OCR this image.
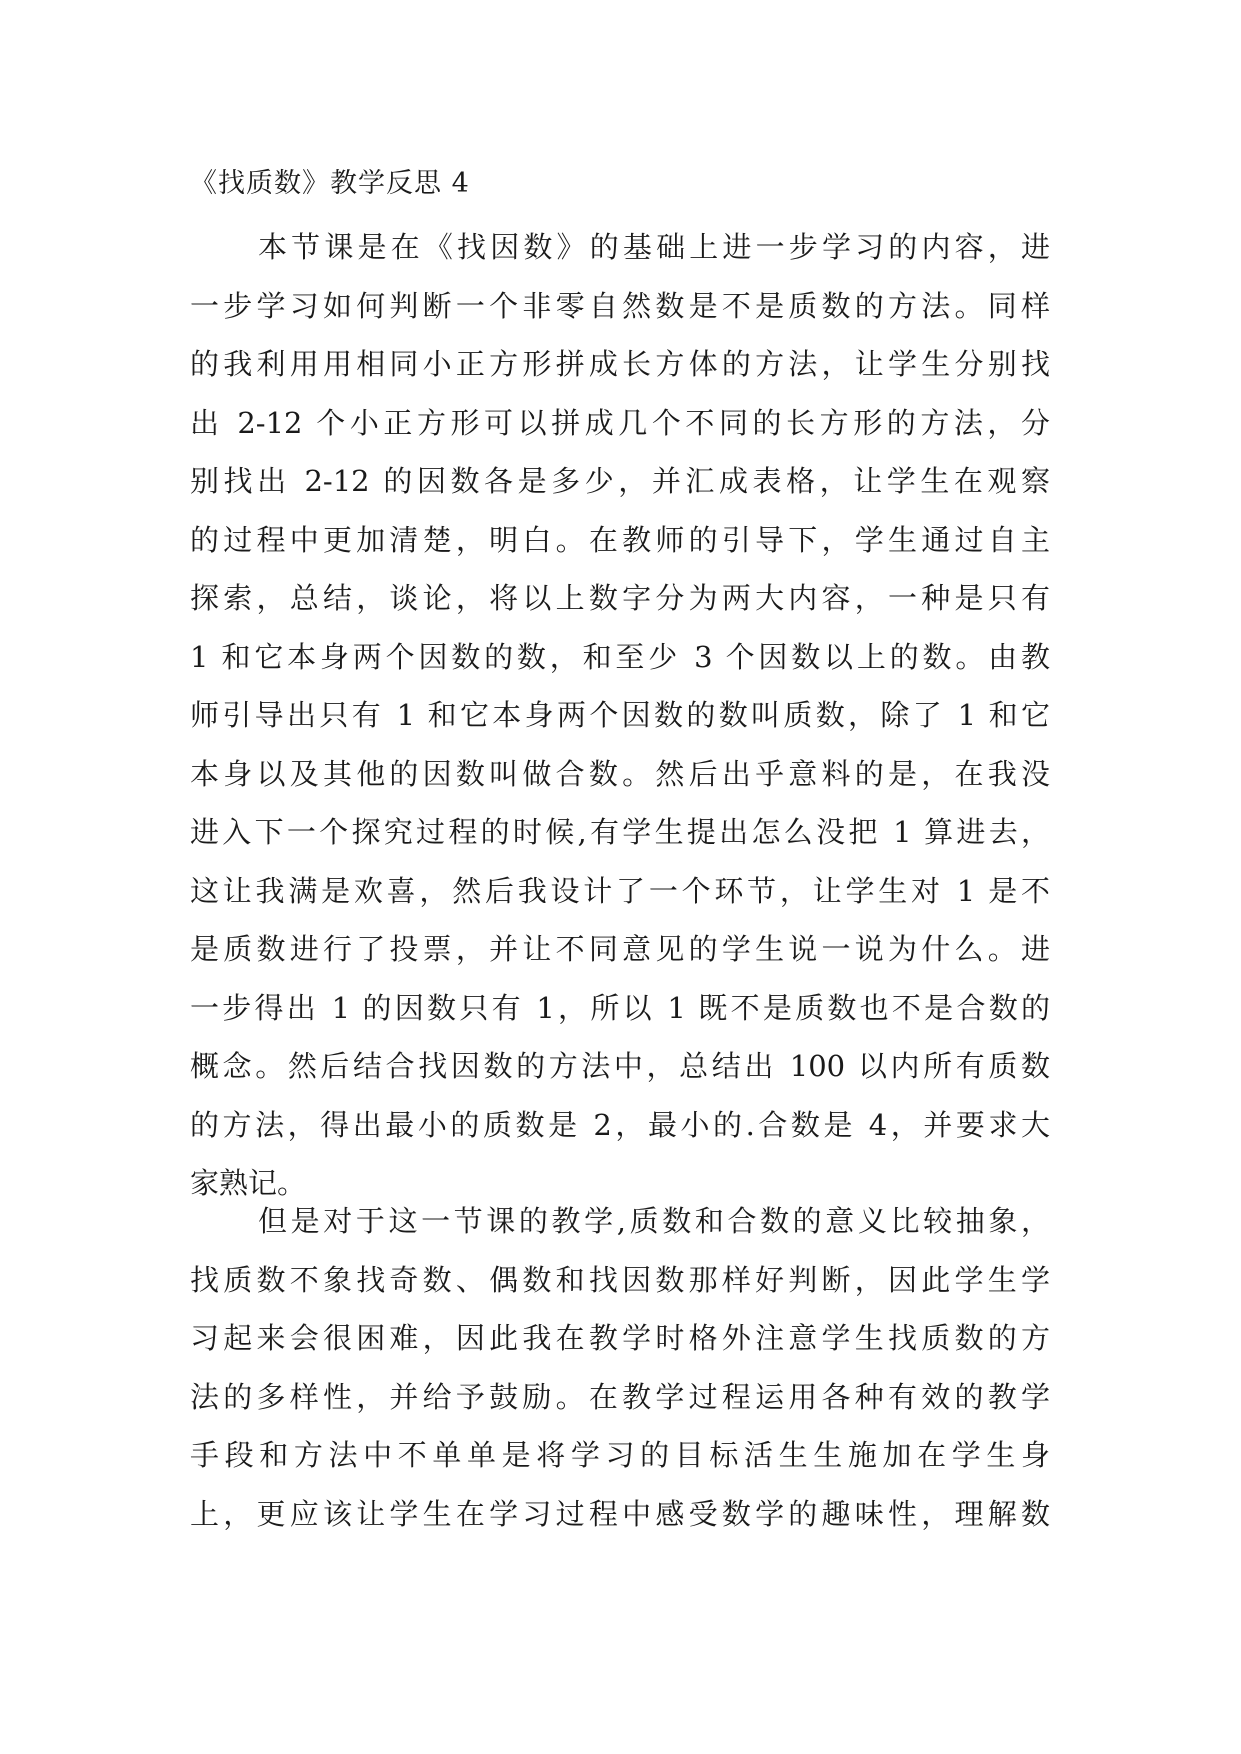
《找质数》教学反思 4
本节课是在《找因数》的基础上进一步学习的内容，进
一步学习如何判断一个非零自然数是不是质数的方法。同样
的我利用用相同小正方形拼成长方体的方法，让学生分别找
出 2-12 个小正方形可以拼成几个不同的长方形的方法，分
别找出 2-12 的因数各是多少，并汇成表格，让学生在观察
的过程中更加清楚，明白。在教师的引导下，学生通过自主
探索，总结，谈论，将以上数字分为两大内容，一种是只有
1 和它本身两个因数的数，和至少 3 个因数以上的数。由教
师引导出只有 1 和它本身两个因数的数叫质数，除了 1 和它
本身以及其他的因数叫做合数。然后出乎意料的是，在我没
进入下一个探究过程的时候,有学生提出怎么没把 1 算进去，
这让我满是欢喜，然后我设计了一个环节，让学生对 1 是不
是质数进行了投票，并让不同意见的学生说一说为什么。进
一步得出 1 的因数只有 1，所以 1 既不是质数也不是合数的
概念。然后结合找因数的方法中，总结出 100 以内所有质数
的方法，得出最小的质数是 2，最小的.合数是 4，并要求大
家熟记。
但是对于这一节课的教学,质数和合数的意义比较抽象，
找质数不象找奇数、偶数和找因数那样好判断，因此学生学
习起来会很困难，因此我在教学时格外注意学生找质数的方
法的多样性，并给予鼓励。在教学过程运用各种有效的教学
手段和方法中不单单是将学习的目标活生生施加在学生身
上，更应该让学生在学习过程中感受数学的趣味性，理解数
